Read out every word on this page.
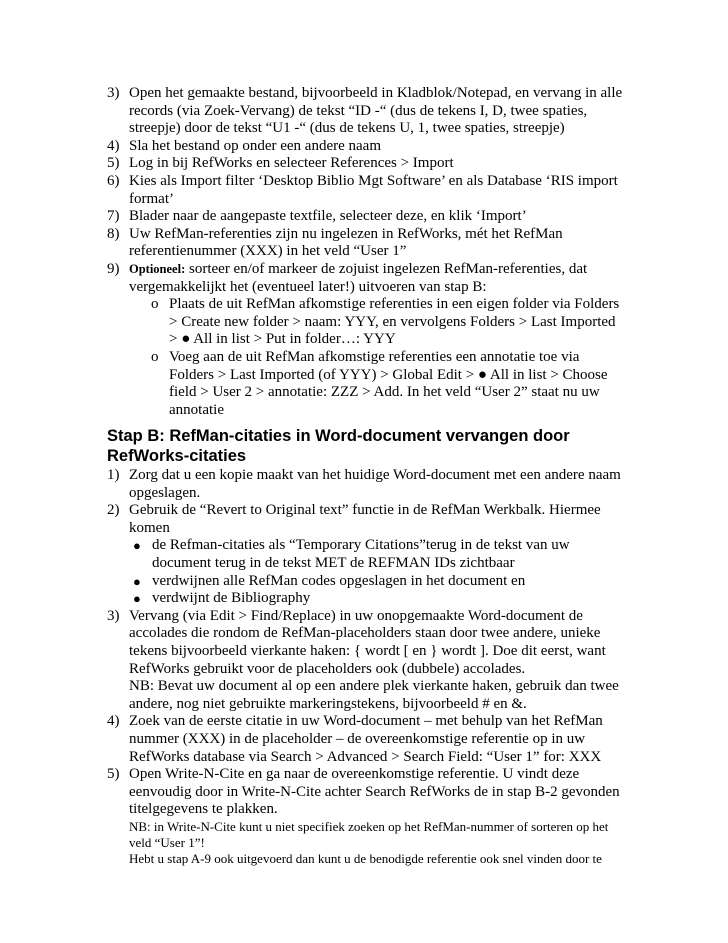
3) Open het gemaakte bestand, bijvoorbeeld in Kladblok/Notepad, en vervang in alle records (via Zoek-Vervang) de tekst “ID -“ (dus de tekens I, D, twee spaties, streepje) door de tekst “U1 -“ (dus de tekens U, 1, twee spaties, streepje)
4) Sla het bestand op onder een andere naam
5) Log in bij RefWorks en selecteer References > Import
6) Kies als Import filter ‘Desktop Biblio Mgt Software’ en als Database ‘RIS import format’
7) Blader naar de aangepaste textfile, selecteer deze, en klik ‘Import’
8) Uw RefMan-referenties zijn nu ingelezen in RefWorks, mét het RefMan referentienummer (XXX) in het veld “User 1”
9) Optioneel: sorteer en/of markeer de zojuist ingelezen RefMan-referenties, dat vergemakkelijkt het (eventueel later!) uitvoeren van stap B:
o Plaats de uit RefMan afkomstige referenties in een eigen folder via Folders > Create new folder > naam: YYY, en vervolgens Folders > Last Imported > ● All in list > Put in folder…: YYY
o Voeg aan de uit RefMan afkomstige referenties een annotatie toe via Folders > Last Imported (of YYY) > Global Edit > ● All in list > Choose field > User 2 > annotatie: ZZZ > Add. In het veld “User 2” staat nu uw annotatie
Stap B: RefMan-citaties in Word-document vervangen door RefWorks-citaties
1) Zorg dat u een kopie maakt van het huidige Word-document met een andere naam opgeslagen.
2) Gebruik de “Revert to Original text” functie in de RefMan Werkbalk. Hiermee komen
● de Refman-citaties als “Temporary Citations”terug in de tekst van uw document terug in de tekst MET de REFMAN IDs zichtbaar
● verdwijnen alle RefMan codes opgeslagen in het document en
● verdwijnt de Bibliography
3) Vervang (via Edit > Find/Replace) in uw onopgemaakte Word-document de accolades die rondom de RefMan-placeholders staan door twee andere, unieke tekens bijvoorbeeld vierkante haken: { wordt [ en } wordt ]. Doe dit eerst, want RefWorks gebruikt voor de placeholders ook (dubbele) accolades.
NB: Bevat uw document al op een andere plek vierkante haken, gebruik dan twee andere, nog niet gebruikte markeringstekens, bijvoorbeeld # en &.
4) Zoek van de eerste citatie in uw Word-document – met behulp van het RefMan nummer (XXX) in de placeholder – de overeenkomstige referentie op in uw RefWorks database via Search > Advanced > Search Field: “User 1” for: XXX
5) Open Write-N-Cite en ga naar de overeenkomstige referentie. U vindt deze eenvoudig door in Write-N-Cite achter Search RefWorks de in stap B-2 gevonden titelgegevens te plakken.
NB: in Write-N-Cite kunt u niet specifiek zoeken op het RefMan-nummer of sorteren op het veld “User 1”!
Hebt u stap A-9 ook uitgevoerd dan kunt u de benodigde referentie ook snel vinden door te
